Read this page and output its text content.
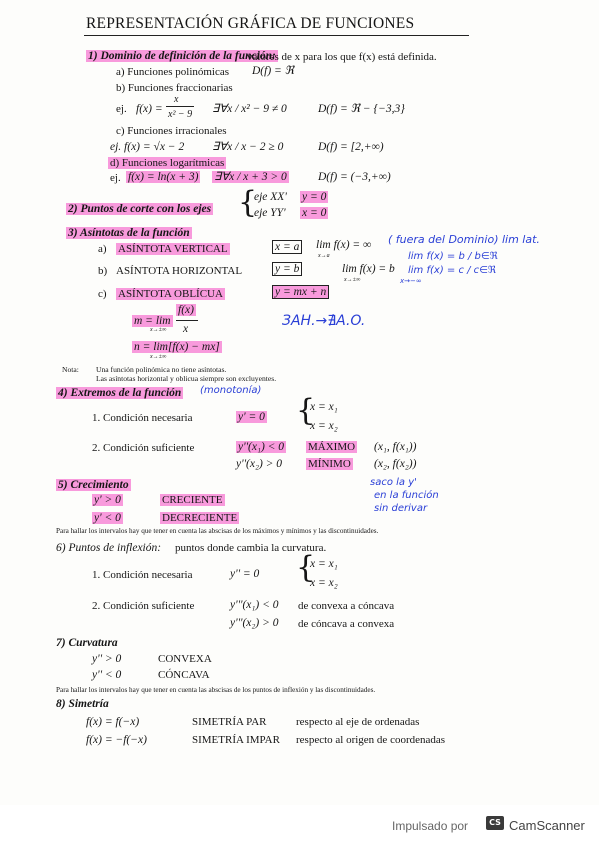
REPRESENTACIÓN GRÁFICA DE FUNCIONES
1) Dominio de definición de la función:
valores de x para los que f(x) está definida.
a) Funciones polinómicas D(f) = ℜ
b) Funciones fraccionarias
ej. f(x) =
x
x² − 9 ∃∀x / x² − 9 ≠ 0	D(f) = ℜ − {−3,3}
c) Funciones irracionales
ej. f(x) = √x − 2 ∃∀x / x − 2 ≥ 0	D(f) = [2,+∞)
d) Funciones logarítmicas
ej. f(x) = ln(x + 3) ∃∀x / x + 3 > 0	D(f) = (−3,+∞)
2) Puntos de corte con los ejes {
eje XX' y = 0
eje YY' x = 0
3) Asíntotas de la función
a) ASÍNTOTA VERTICAL	x = a lim f(x) = ∞
x→a
( fuera del Dominio) lim lat.
b) ASÍNTOTA HORIZONTAL	y = b	lim f(x) = b
x→±∞
lim f(x) = b / b∈ℜ
lim f(x) = c / c∈ℜ
x→−∞
c) ASÍNTOTA OBLÍCUA	y = mx + n
m = lim
x→±∞
f(x)
x
n = lim[f(x) − mx]
x→±∞
ЗАН.→∄A.O.
Nota: Una función polinómica no tiene asíntotas.
Las asíntotas horizontal y oblicua siempre son excluyentes.
4) Extremos de la función (monotonía)
1. Condición necesaria	y' = 0 {
x = x₁
x = x₂
2. Condición suficiente	y''(x₁) < 0 MÁXIMO (x₁, f(x₁))
y''(x₂) > 0 MÍNIMO (x₂, f(x₂))
5) Crecimiento
y' > 0	CRECIENTE
y' < 0	DECRECIENTE
saco la y'
en la función
sin derivar
Para hallar los intervalos hay que tener en cuenta las abscisas de los máximos y mínimos y las discontinuidades.
6) Puntos de inflexión: puntos donde cambia la curvatura.
1. Condición necesaria	y'' = 0 {
x = x₁
x = x₂
2. Condición suficiente	y'''(x₁) < 0 de convexa a cóncava
y'''(x₂) > 0 de cóncava a convexa
7) Curvatura
y'' > 0	CONVEXA
y'' < 0	CÓNCAVA
Para hallar los intervalos hay que tener en cuenta las abscisas de los puntos de inflexión y las discontinuidades.
8) Simetría
f(x) = f(−x)	SIMETRÍA PAR	respecto al eje de ordenadas
f(x) = −f(−x)	SIMETRÍA IMPAR respecto al origen de coordenadas
Impulsado por	CamScanner
CS
